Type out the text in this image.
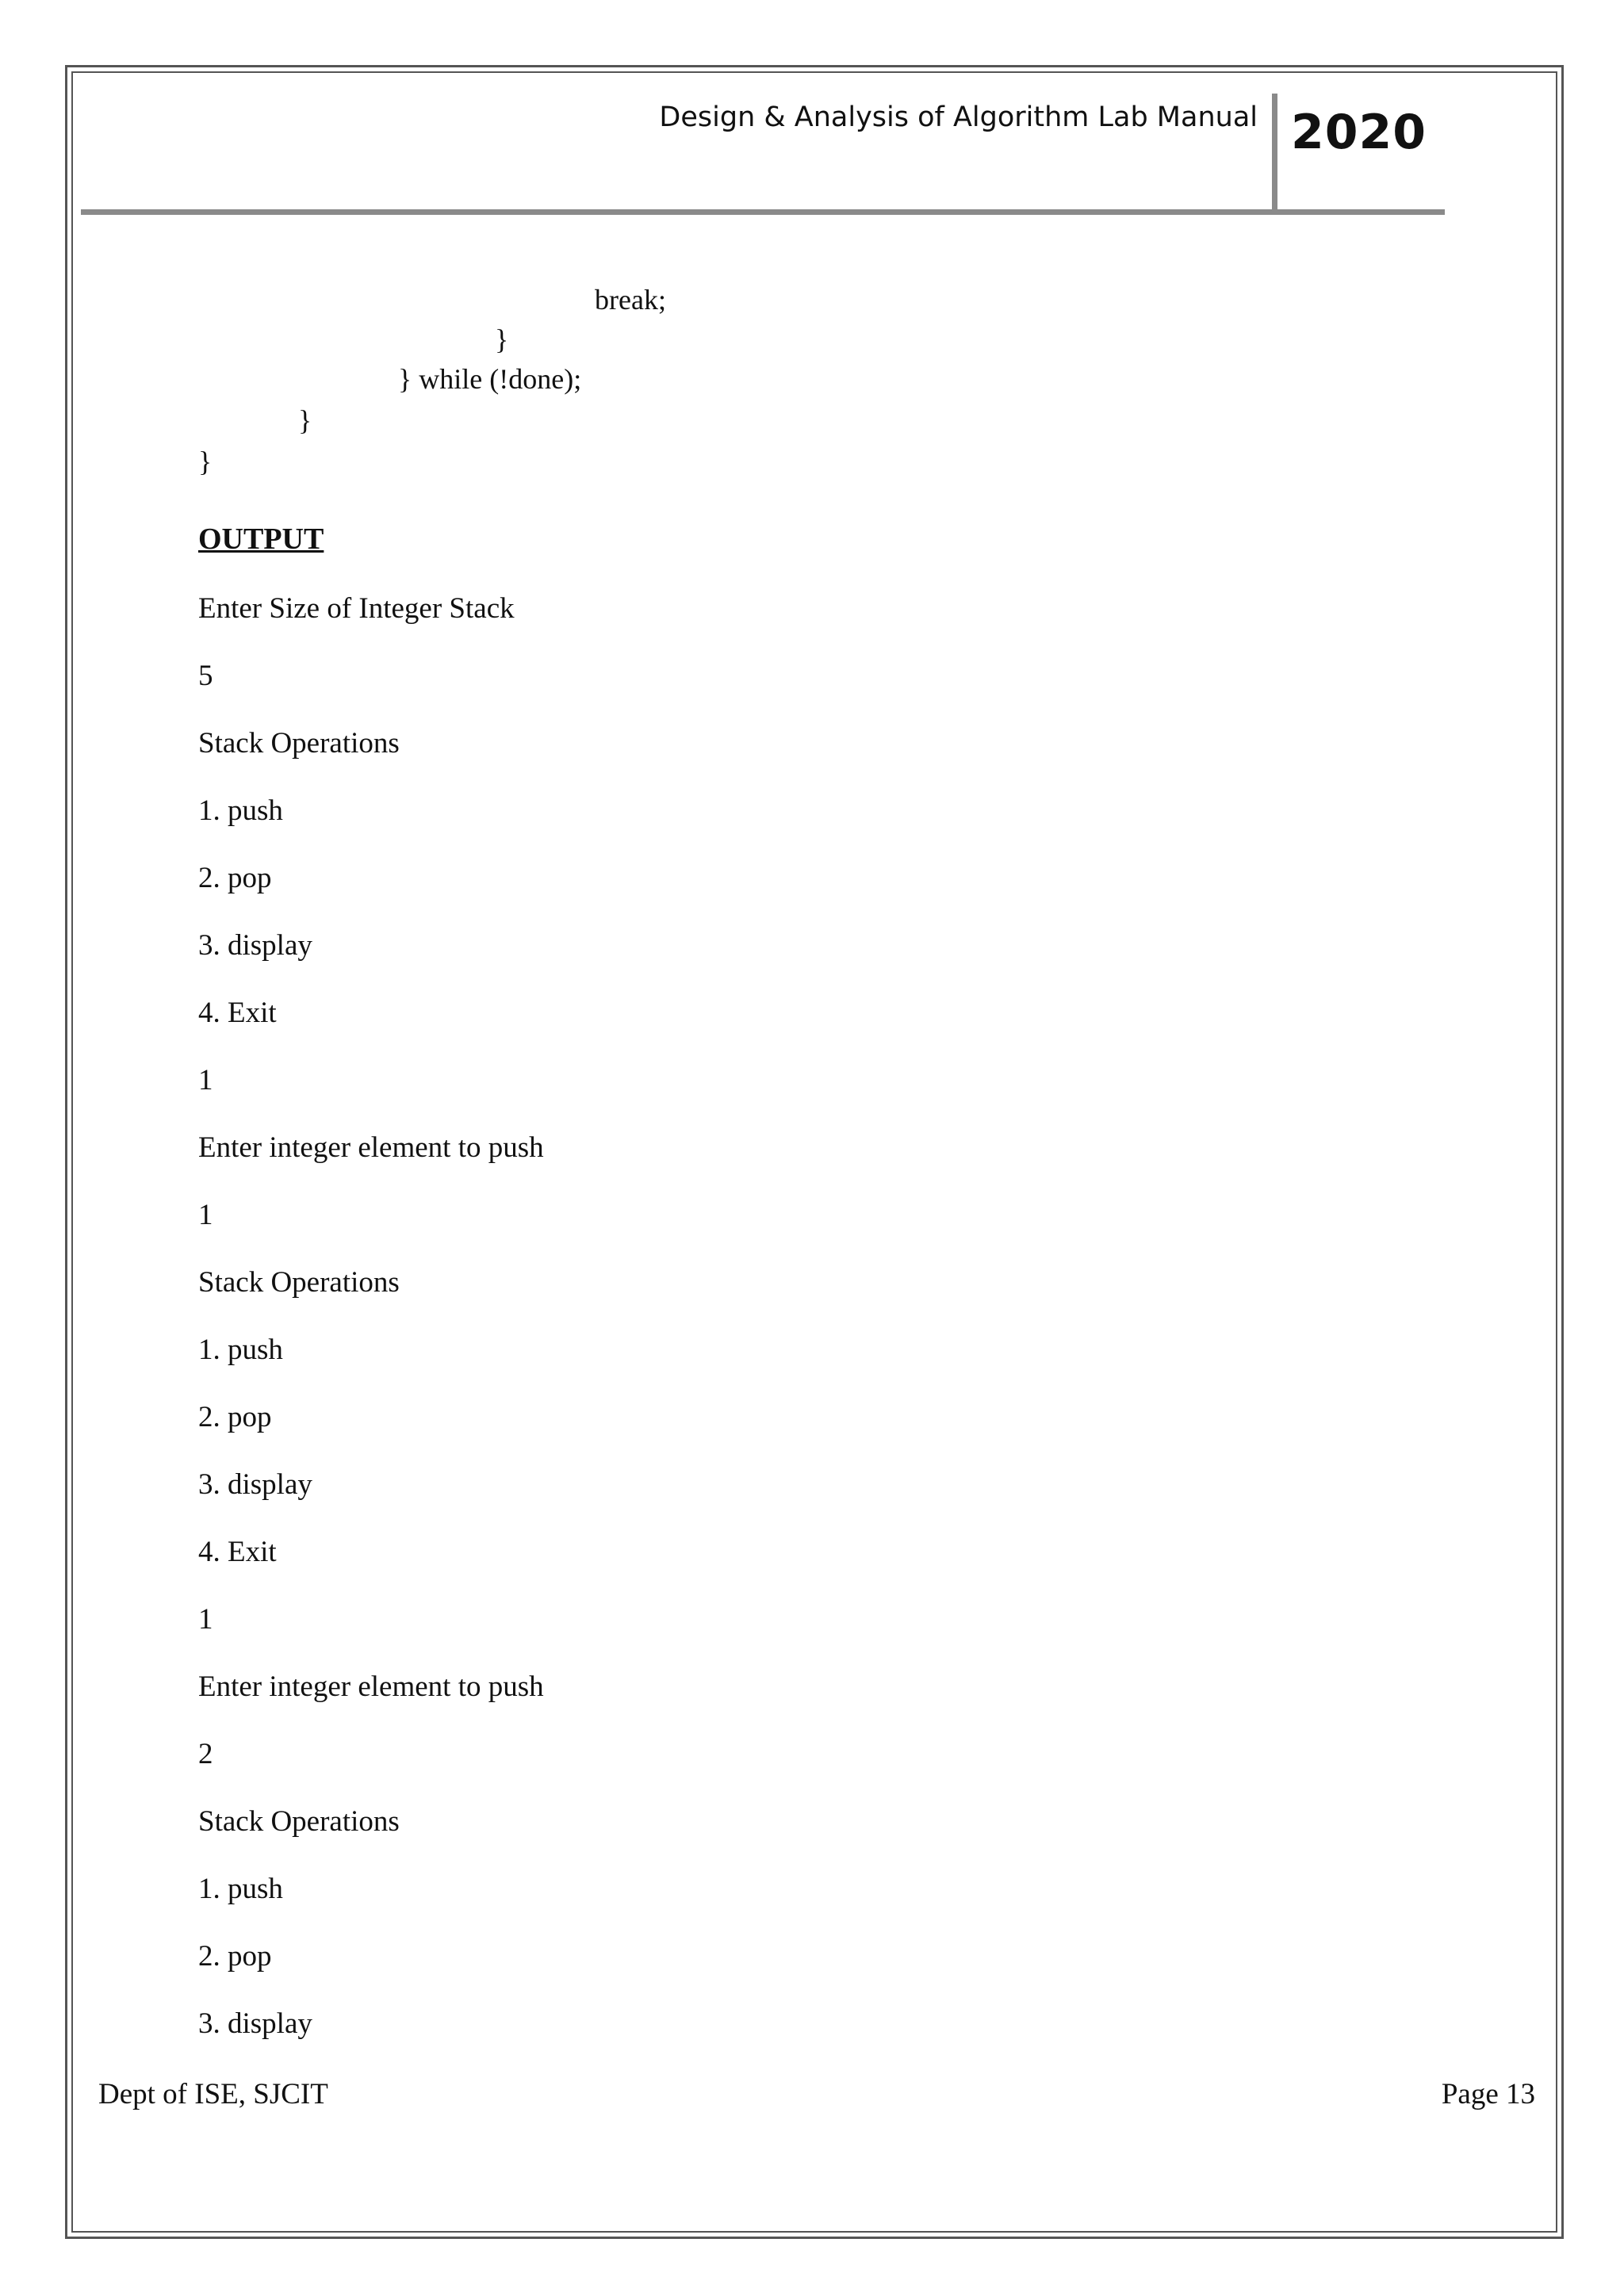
Design & Analysis of Algorithm Lab Manual 2020
break;
}
} while (!done);
}
}
OUTPUT
Enter Size of Integer Stack
5
Stack Operations
1. push
2. pop
3. display
4. Exit
1
Enter integer element to push
1
Stack Operations
1. push
2. pop
3. display
4. Exit
1
Enter integer element to push
2
Stack Operations
1. push
2. pop
3. display
Dept of ISE, SJCIT	Page 13
